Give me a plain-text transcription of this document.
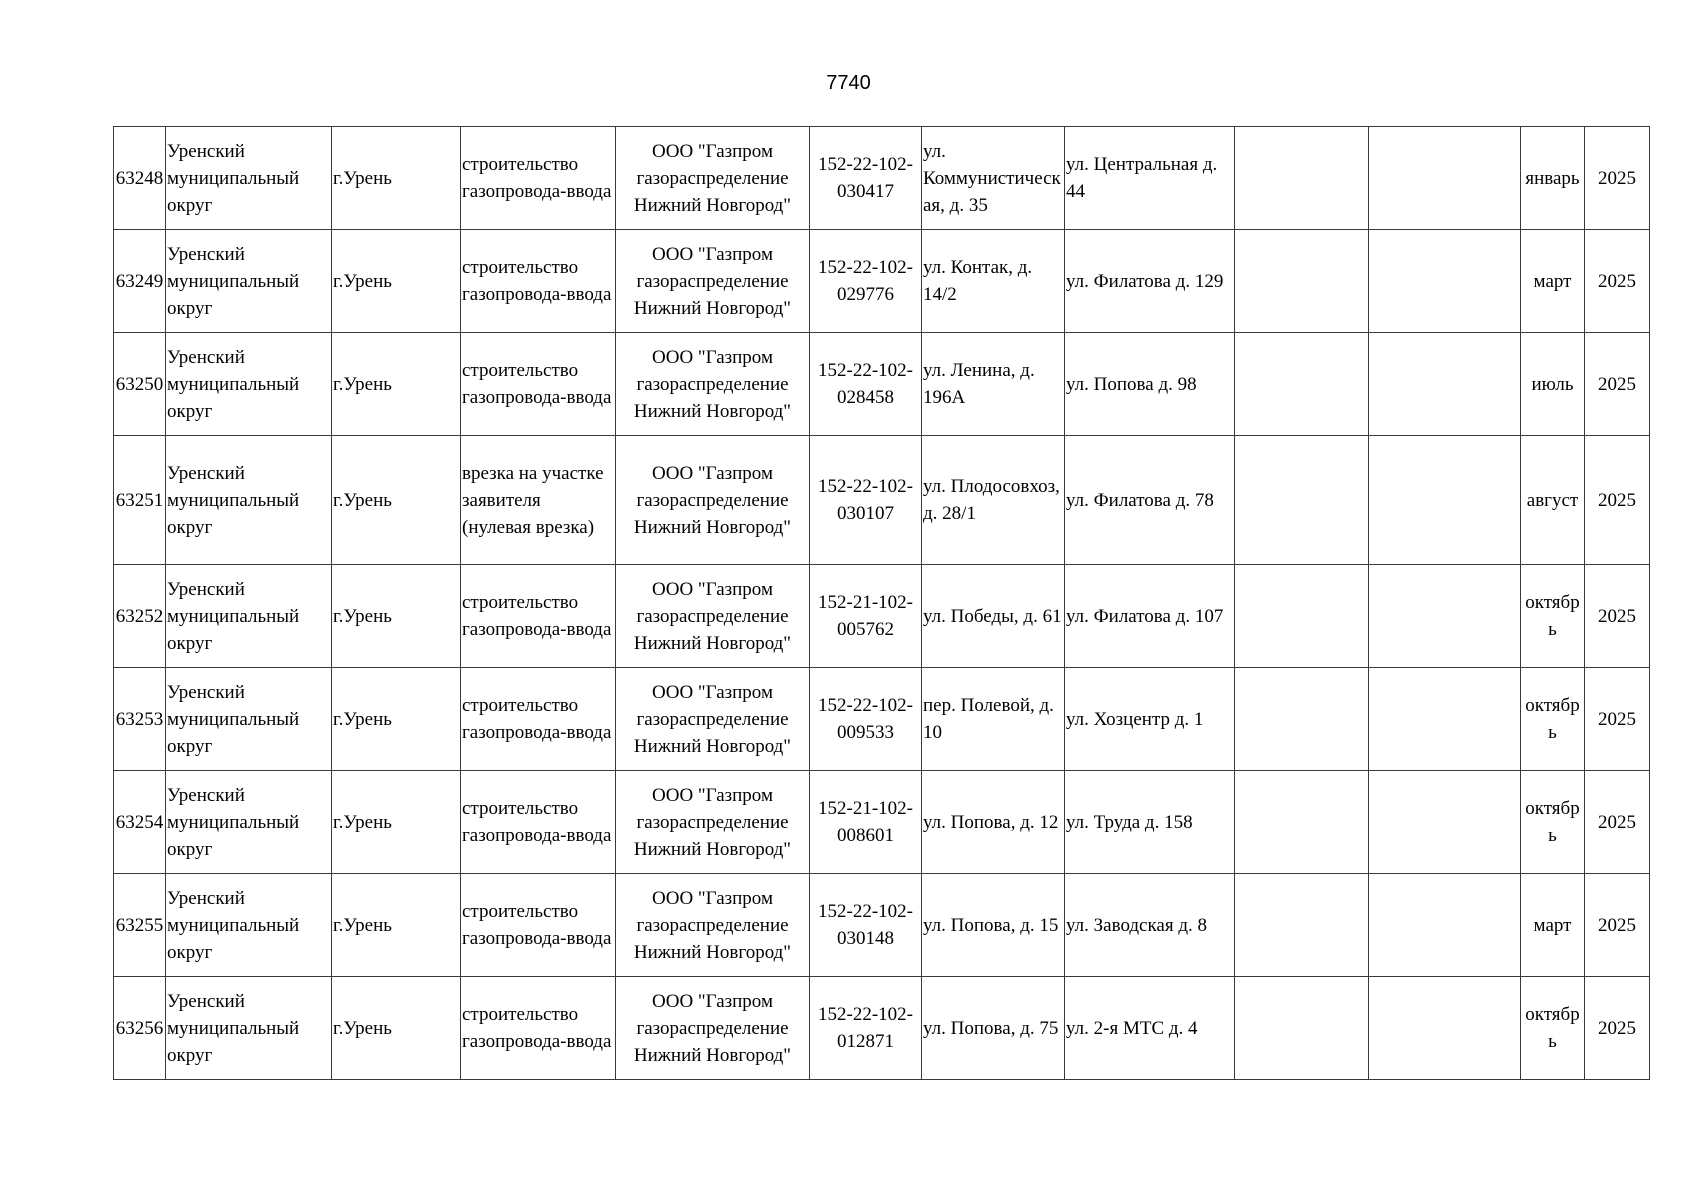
7740
63248	Уренский муниципальный округ	г.Урень	строительство газопровода-ввода	ООО "Газпром газораспределение Нижний Новгород"	152-22-102-030417	ул. Коммунистическая, д. 35	ул. Центральная д. 44			январь	2025
63249	Уренский муниципальный округ	г.Урень	строительство газопровода-ввода	ООО "Газпром газораспределение Нижний Новгород"	152-22-102-029776	ул. Контак, д. 14/2	ул. Филатова д. 129			март	2025
63250	Уренский муниципальный округ	г.Урень	строительство газопровода-ввода	ООО "Газпром газораспределение Нижний Новгород"	152-22-102-028458	ул. Ленина, д. 196А	ул. Попова д. 98			июль	2025
63251	Уренский муниципальный округ	г.Урень	врезка на участке заявителя (нулевая врезка)	ООО "Газпром газораспределение Нижний Новгород"	152-22-102-030107	ул. Плодосовхоз, д. 28/1	ул. Филатова д. 78			август	2025
63252	Уренский муниципальный округ	г.Урень	строительство газопровода-ввода	ООО "Газпром газораспределение Нижний Новгород"	152-21-102-005762	ул. Победы, д. 61	ул. Филатова д. 107			октябрь	2025
63253	Уренский муниципальный округ	г.Урень	строительство газопровода-ввода	ООО "Газпром газораспределение Нижний Новгород"	152-22-102-009533	пер. Полевой, д. 10	ул. Хозцентр д. 1			октябрь	2025
63254	Уренский муниципальный округ	г.Урень	строительство газопровода-ввода	ООО "Газпром газораспределение Нижний Новгород"	152-21-102-008601	ул. Попова, д. 12	ул. Труда д. 158			октябрь	2025
63255	Уренский муниципальный округ	г.Урень	строительство газопровода-ввода	ООО "Газпром газораспределение Нижний Новгород"	152-22-102-030148	ул. Попова, д. 15	ул. Заводская д. 8			март	2025
63256	Уренский муниципальный округ	г.Урень	строительство газопровода-ввода	ООО "Газпром газораспределение Нижний Новгород"	152-22-102-012871	ул. Попова, д. 75	ул. 2-я МТС д. 4			октябрь	2025
